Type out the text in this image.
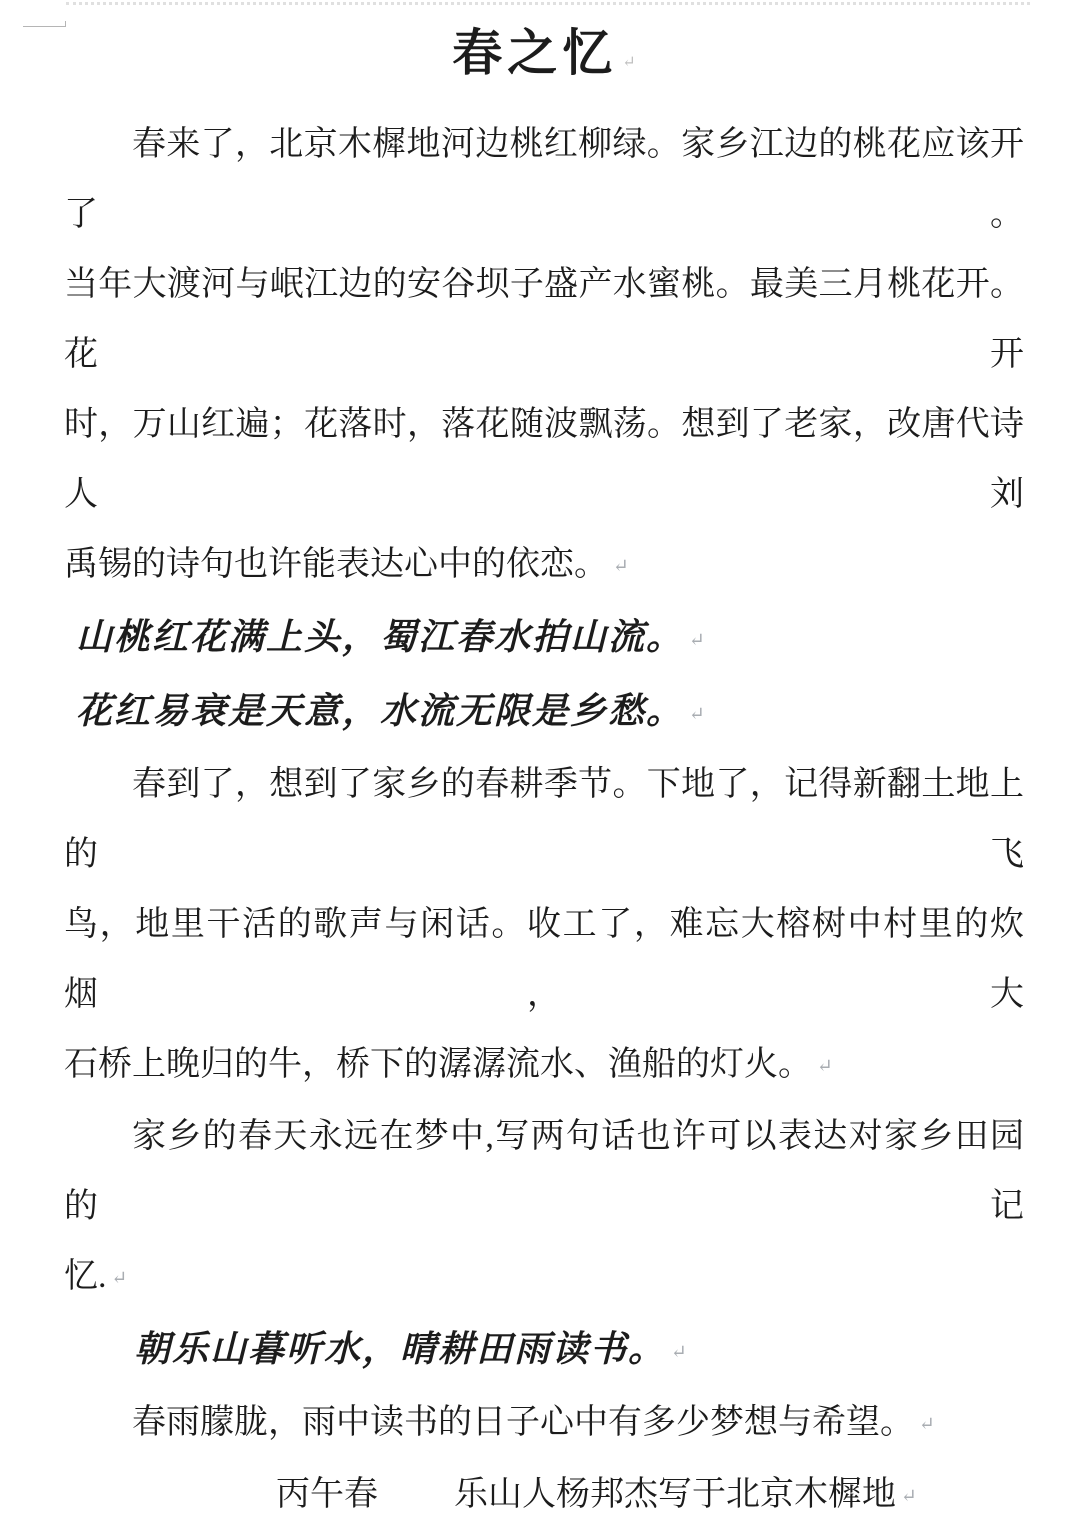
春之忆 ↵
春来了，北京木樨地河边桃红柳绿。家乡江边的桃花应该开了。
当年大渡河与岷江边的安谷坝子盛产水蜜桃。最美三月桃花开。花开
时，万山红遍；花落时，落花随波飘荡。想到了老家，改唐代诗人刘
禹锡的诗句也许能表达心中的依恋。 ↵
山桃红花满上头，蜀江春水拍山流。 ↵
花红易衰是天意，水流无限是乡愁。 ↵
春到了，想到了家乡的春耕季节。下地了，记得新翻土地上的飞
鸟，地里干活的歌声与闲话。收工了，难忘大榕树中村里的炊烟，大
石桥上晚归的牛，桥下的潺潺流水、渔船的灯火。 ↵
家乡的春天永远在梦中,写两句话也许可以表达对家乡田园的记
忆. ↵
朝乐山暮听水，晴耕田雨读书。 ↵
春雨朦胧，雨中读书的日子心中有多少梦想与希望。 ↵
丙午春 乐山人杨邦杰写于北京木樨地 ↵
